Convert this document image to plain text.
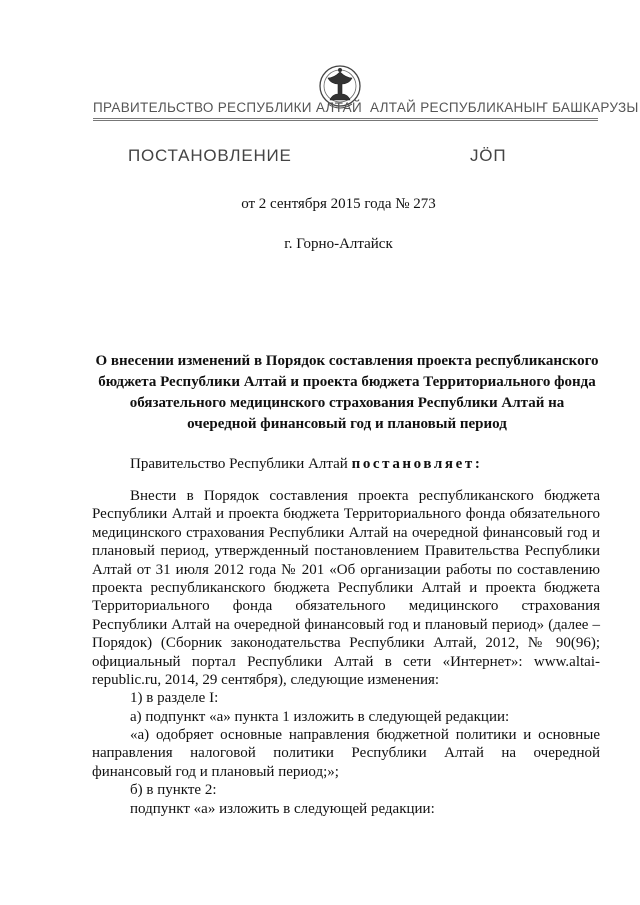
ПРАВИТЕЛЬСТВО РЕСПУБЛИКИ АЛТАЙ АЛТАЙ РЕСПУБЛИКАНЫҤ БАШКАРУЗЫ
ПОСТАНОВЛЕНИЕ	ЈÖП
от 2 сентября 2015 года № 273
г. Горно-Алтайск
О внесении изменений в Порядок составления проекта республиканского
бюджета Республики Алтай и проекта бюджета Территориального фонда
обязательного медицинского страхования Республики Алтай на
очередной финансовый год и плановый период
Правительство Республики Алтай постановляет:
Внести в Порядок составления проекта республиканского бюджета
Республики Алтай и проекта бюджета Территориального фонда обязательного
медицинского страхования Республики Алтай на очередной финансовый год и
плановый период, утвержденный постановлением Правительства Республики
Алтай от 31 июля 2012 года № 201 «Об организации работы по составлению
проекта республиканского бюджета Республики Алтай и проекта бюджета
Территориального фонда обязательного медицинского страхования
Республики Алтай на очередной финансовый год и плановый период» (далее –
Порядок) (Сборник законодательства Республики Алтай, 2012, № 90(96);
официальный портал Республики Алтай в сети «Интернет»: www.altai-
republic.ru, 2014, 29 сентября), следующие изменения:
1) в разделе I:
а) подпункт «а» пункта 1 изложить в следующей редакции:
«а) одобряет основные направления бюджетной политики и основные
направления налоговой политики Республики Алтай на очередной
финансовый год и плановый период;»;
б) в пункте 2:
подпункт «а» изложить в следующей редакции:
